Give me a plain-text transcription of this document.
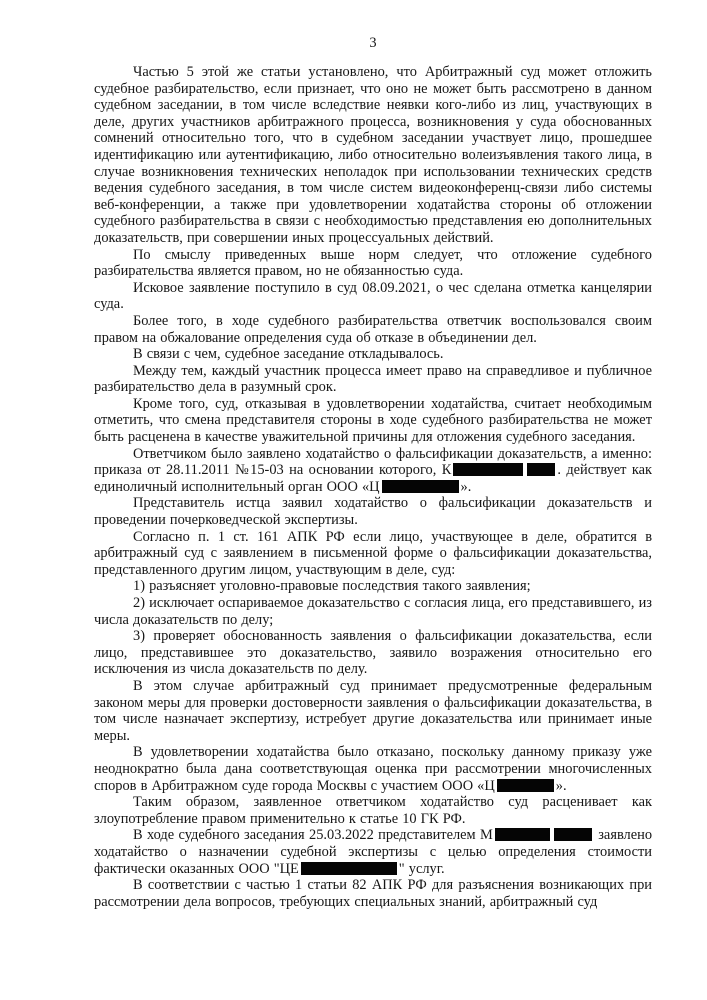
3

Частью 5 этой же статьи установлено, что Арбитражный суд может отложить судебное разбирательство, если признает, что оно не может быть рассмотрено в данном судебном заседании, в том числе вследствие неявки кого-либо из лиц, участвующих в деле, других участников арбитражного процесса, возникновения у суда обоснованных сомнений относительно того, что в судебном заседании участвует лицо, прошедшее идентификацию или аутентификацию, либо относительно волеизъявления такого лица, в случае возникновения технических неполадок при использовании технических средств ведения судебного заседания, в том числе систем видеоконференц-связи либо системы веб-конференции, а также при удовлетворении ходатайства стороны об отложении судебного разбирательства в связи с необходимостью представления ею дополнительных доказательств, при совершении иных процессуальных действий.

По смыслу приведенных выше норм следует, что отложение судебного разбирательства является правом, но не обязанностью суда.

Исковое заявление поступило в суд 08.09.2021, о чес сделана отметка канцелярии суда.

Более того, в ходе судебного разбирательства ответчик воспользовался своим правом на обжалование определения суда об отказе в объединении дел.

В связи с чем, судебное заседание откладывалось.

Между тем, каждый участник процесса имеет право на справедливое и публичное разбирательство дела в разумный срок.

Кроме того, суд, отказывая в удовлетворении ходатайства, считает необходимым отметить, что смена представителя стороны в ходе судебного разбирательства не может быть расценена в качестве уважительной причины для отложения судебного заседания.

Ответчиком было заявлено ходатайство о фальсификации доказательств, а именно: приказа от 28.11.2011 №15-03 на основании которого, К	. действует как единоличный исполнительный орган ООО «Ц	».

Представитель истца заявил ходатайство о фальсификации доказательств и проведении почерковедческой экспертизы.

Согласно п. 1 ст. 161 АПК РФ если лицо, участвующее в деле, обратится в арбитражный суд с заявлением в письменной форме о фальсификации доказательства, представленного другим лицом, участвующим в деле, суд:

1) разъясняет уголовно-правовые последствия такого заявления;

2) исключает оспариваемое доказательство с согласия лица, его представившего, из числа доказательств по делу;

3) проверяет обоснованность заявления о фальсификации доказательства, если лицо, представившее это доказательство, заявило возражения относительно его исключения из числа доказательств по делу.

В этом случае арбитражный суд принимает предусмотренные федеральным законом меры для проверки достоверности заявления о фальсификации доказательства, в том числе назначает экспертизу, истребует другие доказательства или принимает иные меры.

В удовлетворении ходатайства было отказано, поскольку данному приказу уже неоднократно была дана соответствующая оценка при рассмотрении многочисленных споров в Арбитражном суде города Москвы с участием ООО «Ц	».

Таким образом, заявленное ответчиком ходатайство суд расценивает как злоупотребление правом применительно к статье 10 ГК РФ.

В ходе судебного заседания 25.03.2022 представителем М	заявлено ходатайство о назначении судебной экспертизы с целью определения стоимости фактически оказанных ООО "ЦЕ	" услуг.

В соответствии с частью 1 статьи 82 АПК РФ для разъяснения возникающих при рассмотрении дела вопросов, требующих специальных знаний, арбитражный суд
